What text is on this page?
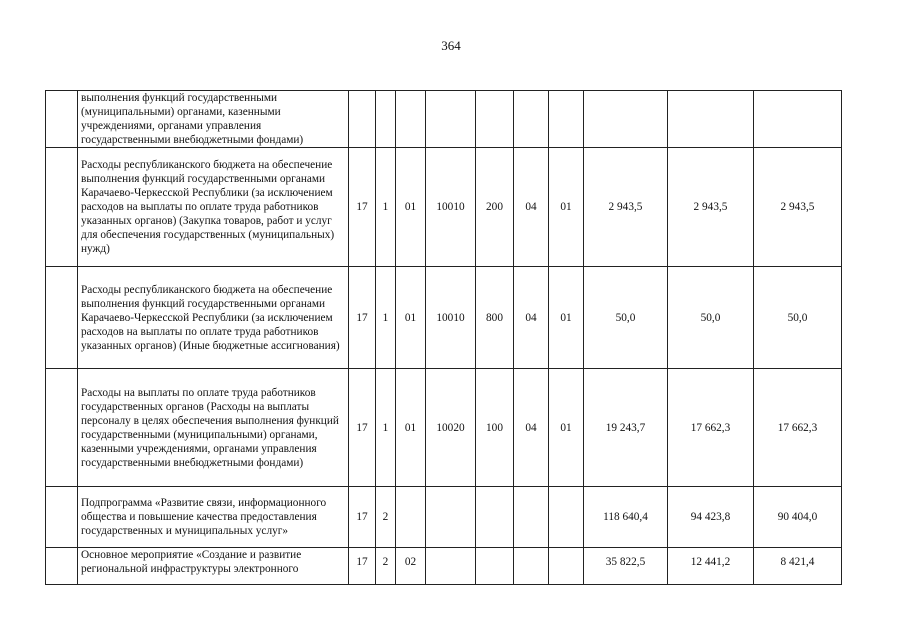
364
	выполнения функций государственными (муниципальными) органами, казенными учреждениями, органами управления государственными внебюджетными фондами)										
	Расходы республиканского бюджета на обеспечение выполнения функций государственными органами Карачаево-Черкесской Республики (за исключением расходов на выплаты по оплате труда работников указанных органов) (Закупка товаров, работ и услуг для обеспечения государственных (муниципальных) нужд)	17	1	01	10010	200	04	01	2 943,5	2 943,5	2 943,5
	Расходы республиканского бюджета на обеспечение выполнения функций государственными органами Карачаево-Черкесской Республики (за исключением расходов на выплаты по оплате труда работников указанных органов) (Иные бюджетные ассигнования)	17	1	01	10010	800	04	01	50,0	50,0	50,0
	Расходы на выплаты по оплате труда работников государственных органов (Расходы на выплаты персоналу в целях обеспечения выполнения функций государственными (муниципальными) органами, казенными учреждениями, органами управления государственными внебюджетными фондами)	17	1	01	10020	100	04	01	19 243,7	17 662,3	17 662,3
	Подпрограмма «Развитие связи, информационного общества и повышение качества предоставления государственных и муниципальных услуг»	17	2						118 640,4	94 423,8	90 404,0
	Основное мероприятие «Создание и развитие региональной инфраструктуры электронного	17	2	02					35 822,5	12 441,2	8 421,4
